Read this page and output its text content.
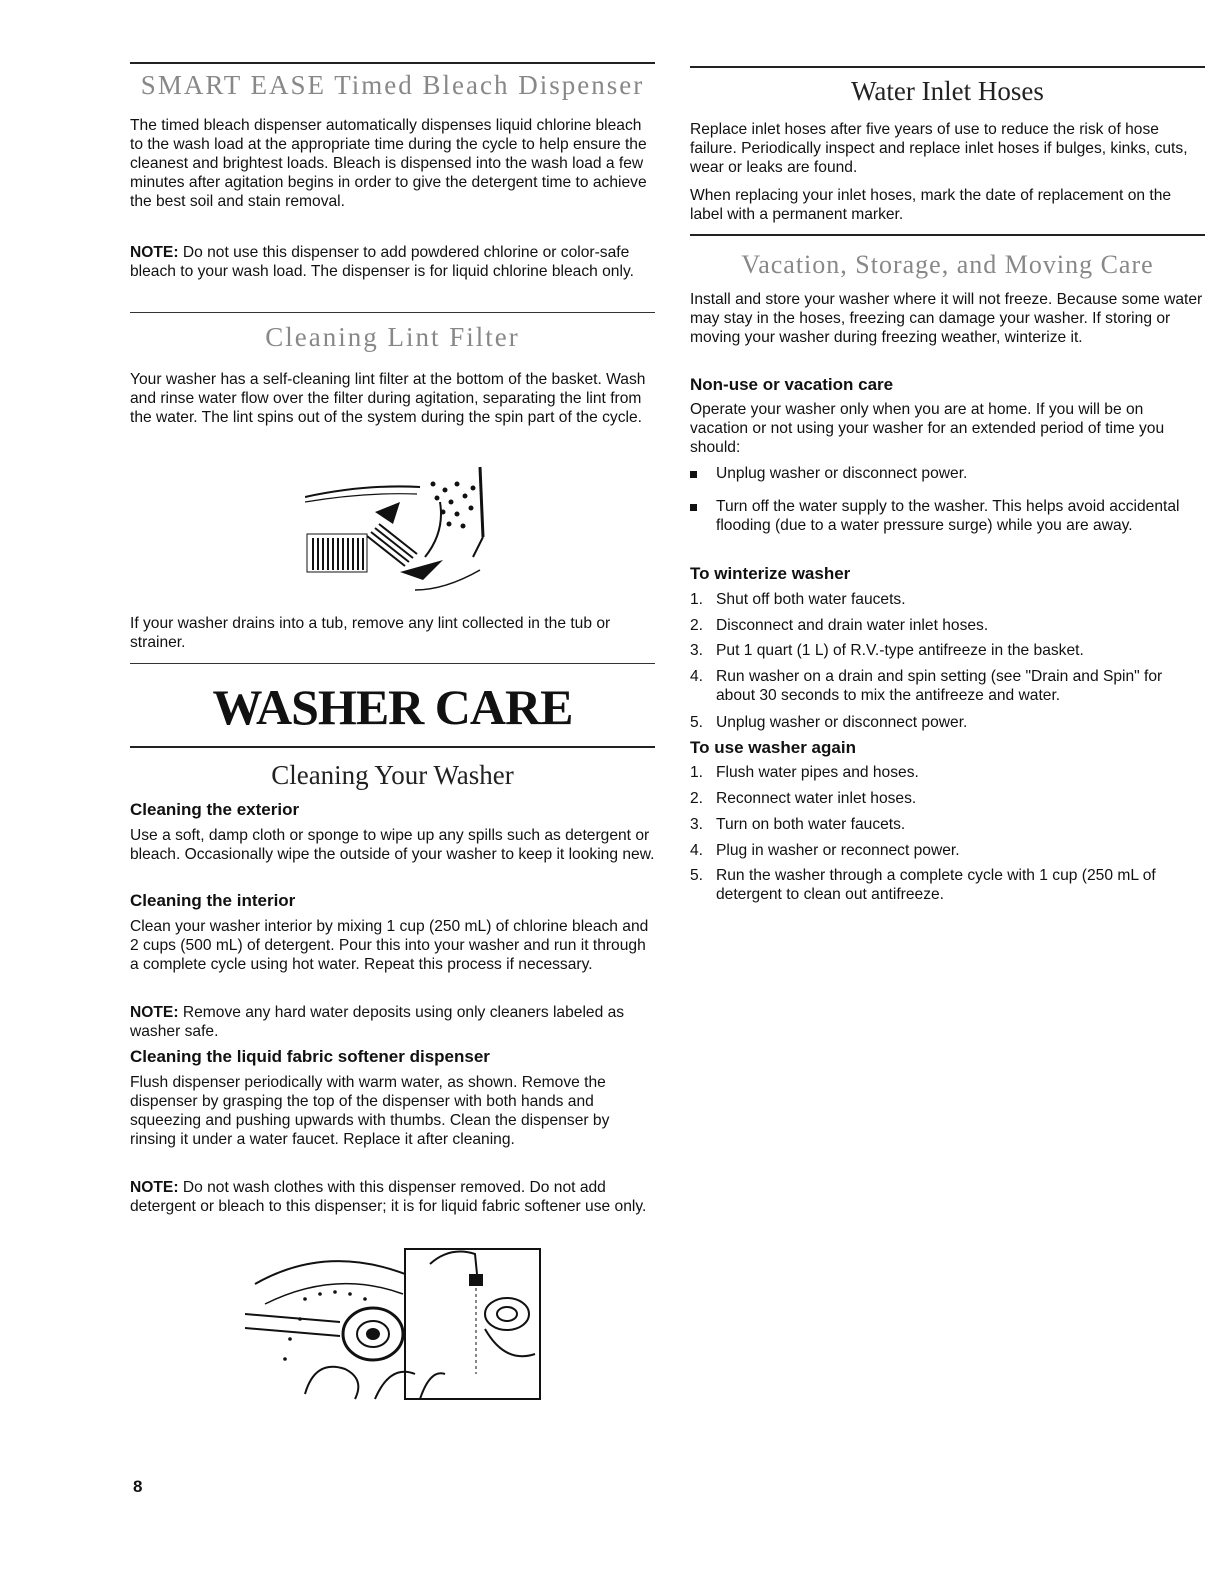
SMART EASE Timed Bleach Dispenser

The timed bleach dispenser automatically dispenses liquid chlorine bleach to the wash load at the appropriate time during the cycle to help ensure the cleanest and brightest loads. Bleach is dispensed into the wash load a few minutes after agitation begins in order to give the detergent time to achieve the best soil and stain removal.

NOTE: Do not use this dispenser to add powdered chlorine or color-safe bleach to your wash load. The dispenser is for liquid chlorine bleach only.

Cleaning Lint Filter

Your washer has a self-cleaning lint filter at the bottom of the basket. Wash and rinse water flow over the filter during agitation, separating the lint from the water. The lint spins out of the system during the spin part of the cycle.

If your washer drains into a tub, remove any lint collected in the tub or strainer.

WASHER CARE
Cleaning Your Washer
Cleaning the exterior

Use a soft, damp cloth or sponge to wipe up any spills such as detergent or bleach. Occasionally wipe the outside of your washer to keep it looking new.

Cleaning the interior

Clean your washer interior by mixing 1 cup (250 mL) of chlorine bleach and 2 cups (500 mL) of detergent. Pour this into your washer and run it through a complete cycle using hot water. Repeat this process if necessary.

NOTE: Remove any hard water deposits using only cleaners labeled as washer safe.

Cleaning the liquid fabric softener dispenser

Flush dispenser periodically with warm water, as shown. Remove the dispenser by grasping the top of the dispenser with both hands and squeezing and pushing upwards with thumbs. Clean the dispenser by rinsing it under a water faucet. Replace it after cleaning.

NOTE: Do not wash clothes with this dispenser removed. Do not add detergent or bleach to this dispenser; it is for liquid fabric softener use only.

Water Inlet Hoses

Replace inlet hoses after five years of use to reduce the risk of hose failure. Periodically inspect and replace inlet hoses if bulges, kinks, cuts, wear or leaks are found.

When replacing your inlet hoses, mark the date of replacement on the label with a permanent marker.

Vacation, Storage, and Moving Care

Install and store your washer where it will not freeze. Because some water may stay in the hoses, freezing can damage your washer. If storing or moving your washer during freezing weather, winterize it.

Non-use or vacation care

Operate your washer only when you are at home. If you will be on vacation or not using your washer for an extended period of time you should:

Unplug washer or disconnect power.
Turn off the water supply to the washer. This helps avoid accidental flooding (due to a water pressure surge) while you are away.
To winterize washer
1. Shut off both water faucets.
2. Disconnect and drain water inlet hoses.
3. Put 1 quart (1 L) of R.V.-type antifreeze in the basket.
4. Run washer on a drain and spin setting (see "Drain and Spin" for about 30 seconds to mix the antifreeze and water.
5. Unplug washer or disconnect power.
To use washer again
1. Flush water pipes and hoses.
2. Reconnect water inlet hoses.
3. Turn on both water faucets.
4. Plug in washer or reconnect power.
5. Run the washer through a complete cycle with 1 cup (250 mL of detergent to clean out antifreeze.
8
